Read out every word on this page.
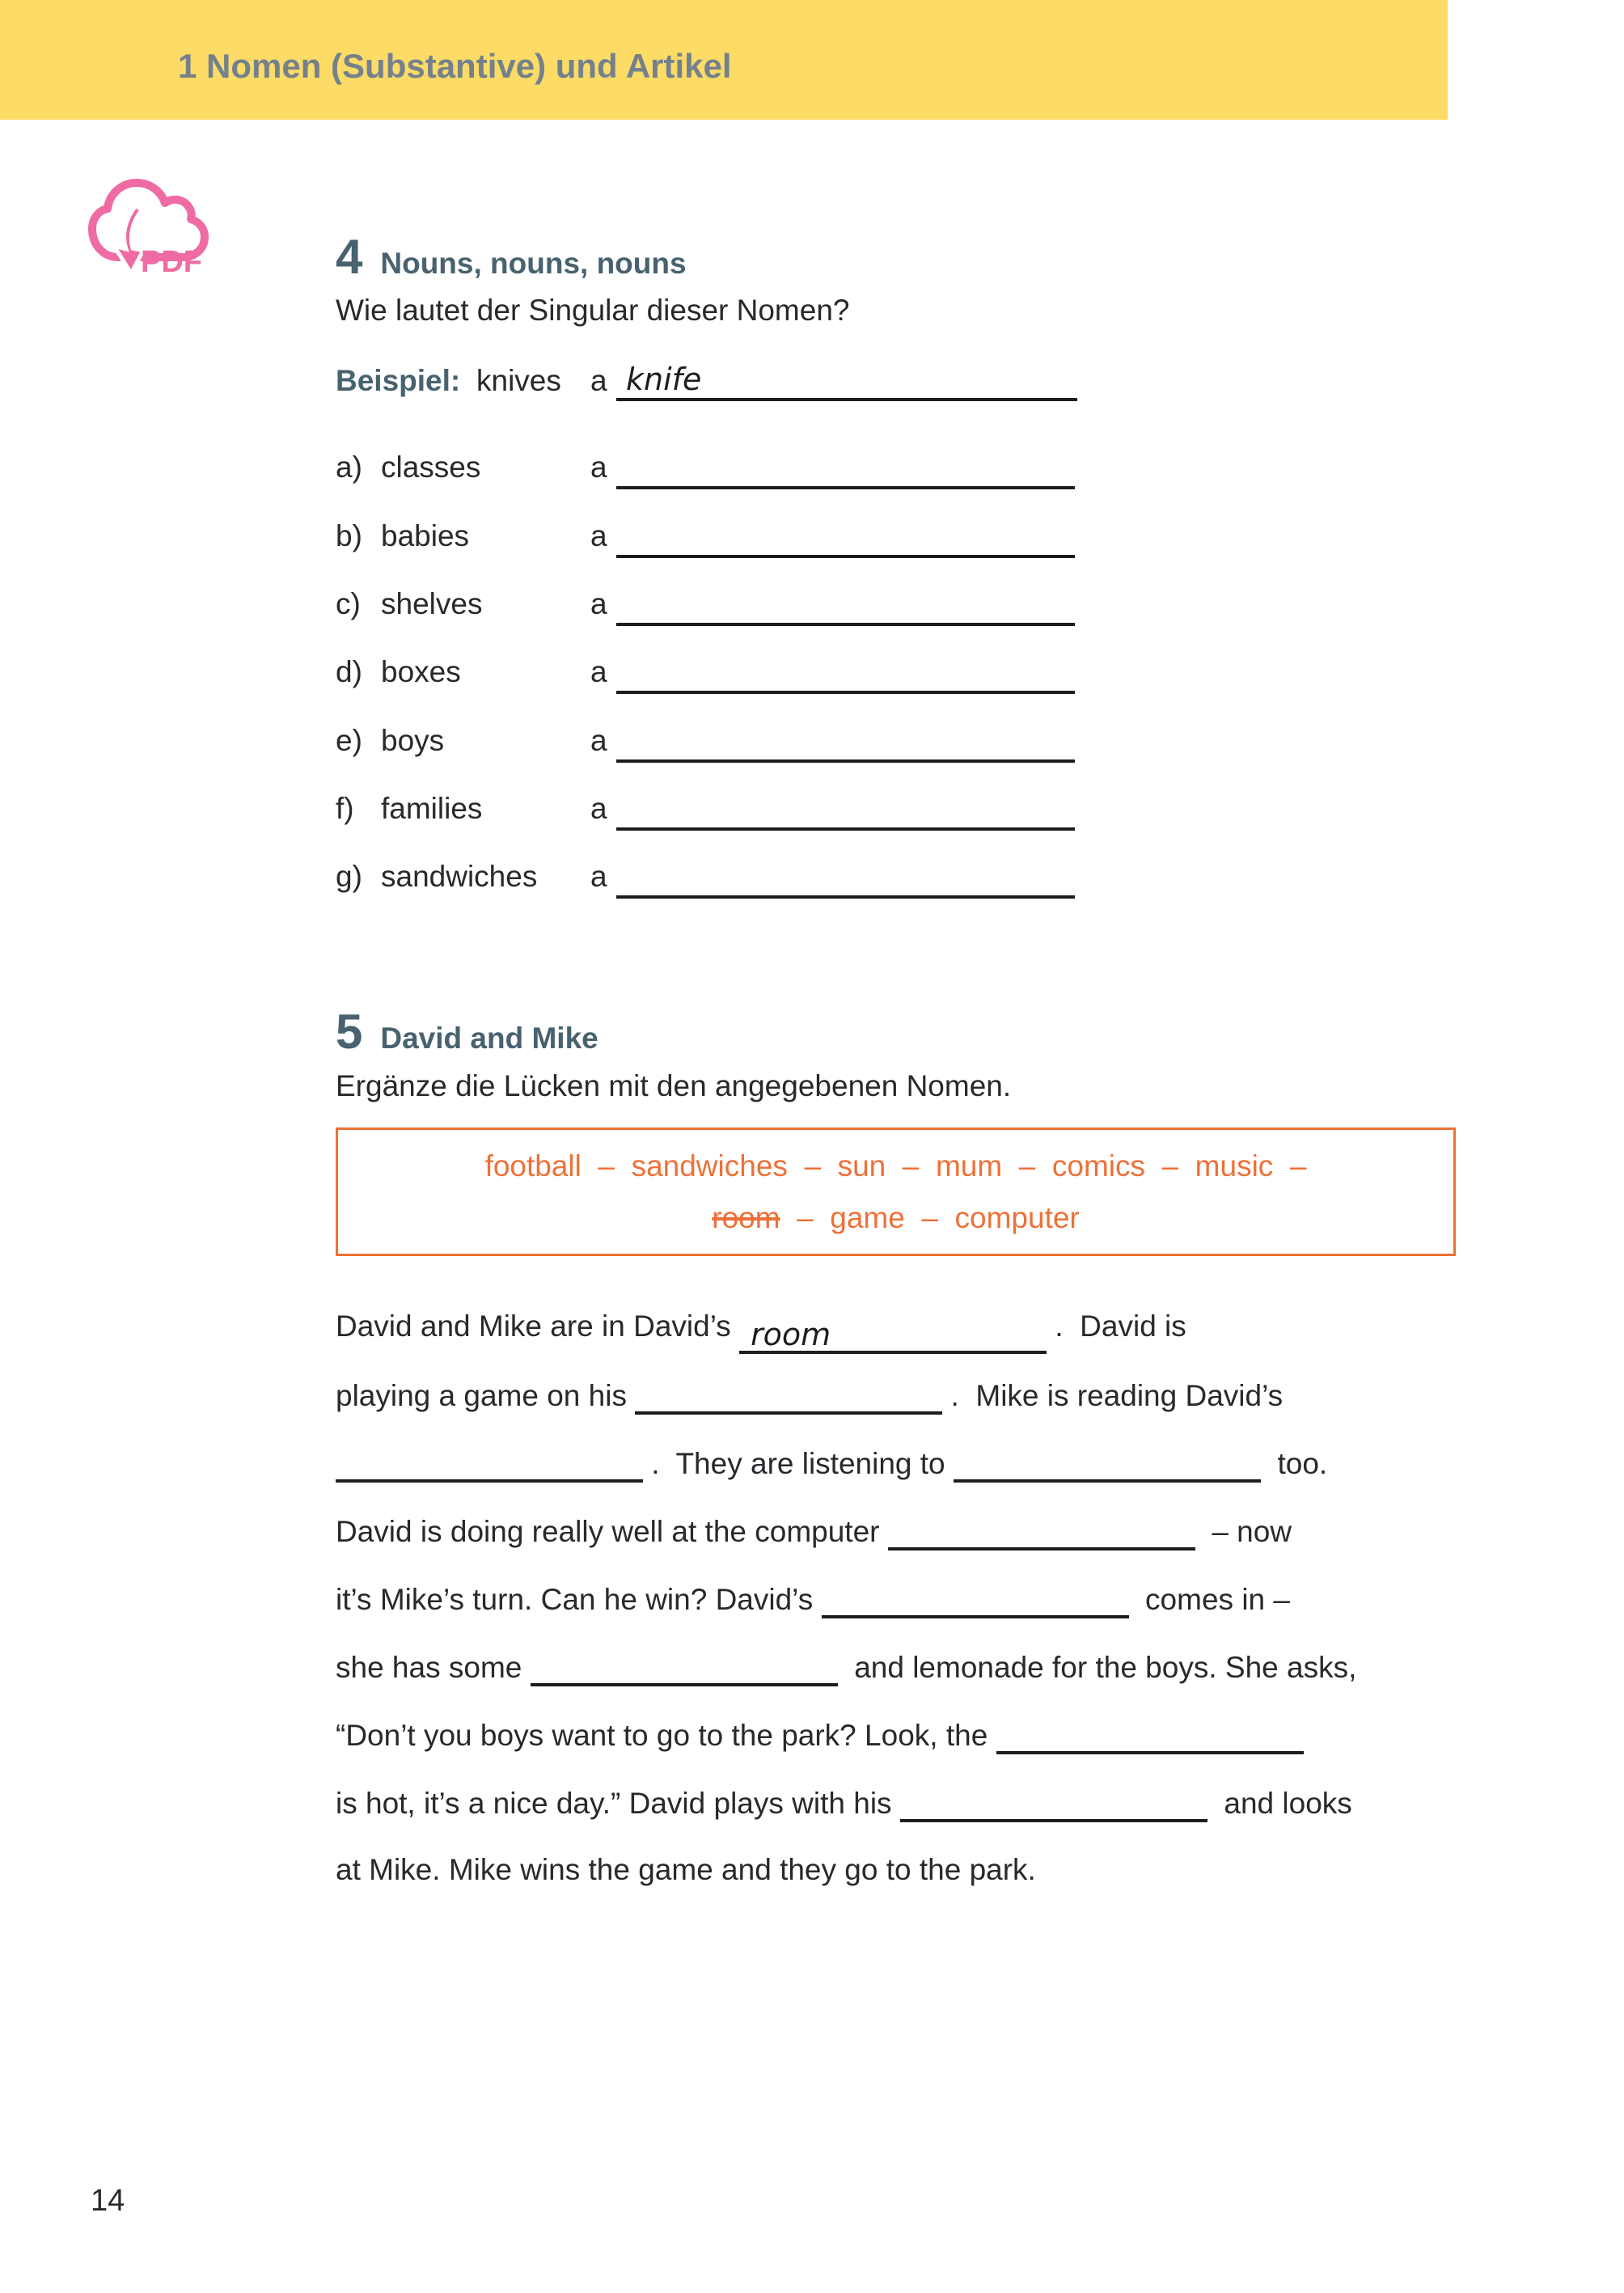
1 Nomen (Substantive) und Artikel
PDF	4 Nouns, nouns, nouns
Wie lautet der Singular dieser Nomen?
Beispiel: knives a knife
a) classes	a
b) babies	a
c) shelves	a
d) boxes	a
e) boys	a
f) families	a
g) sandwiches a
5 David and Mike
Ergänze die Lücken mit den angegebenen Nomen.
football  –  sandwiches  –  sun  –  mum  –  comics  –  music  –
room  –  game  –  computer
David and Mike are in David’s room	.  David is
playing a game on his	.  Mike is reading David’s
.  They are listening to	too.
David is doing really well at the computer	– now
it’s Mike’s turn. Can he win? David’s	comes in –
she has some	and lemonade for the boys. She asks,
“Don’t you boys want to go to the park? Look, the
is hot, it’s a nice day.” David plays with his	and looks
at Mike. Mike wins the game and they go to the park.
14
